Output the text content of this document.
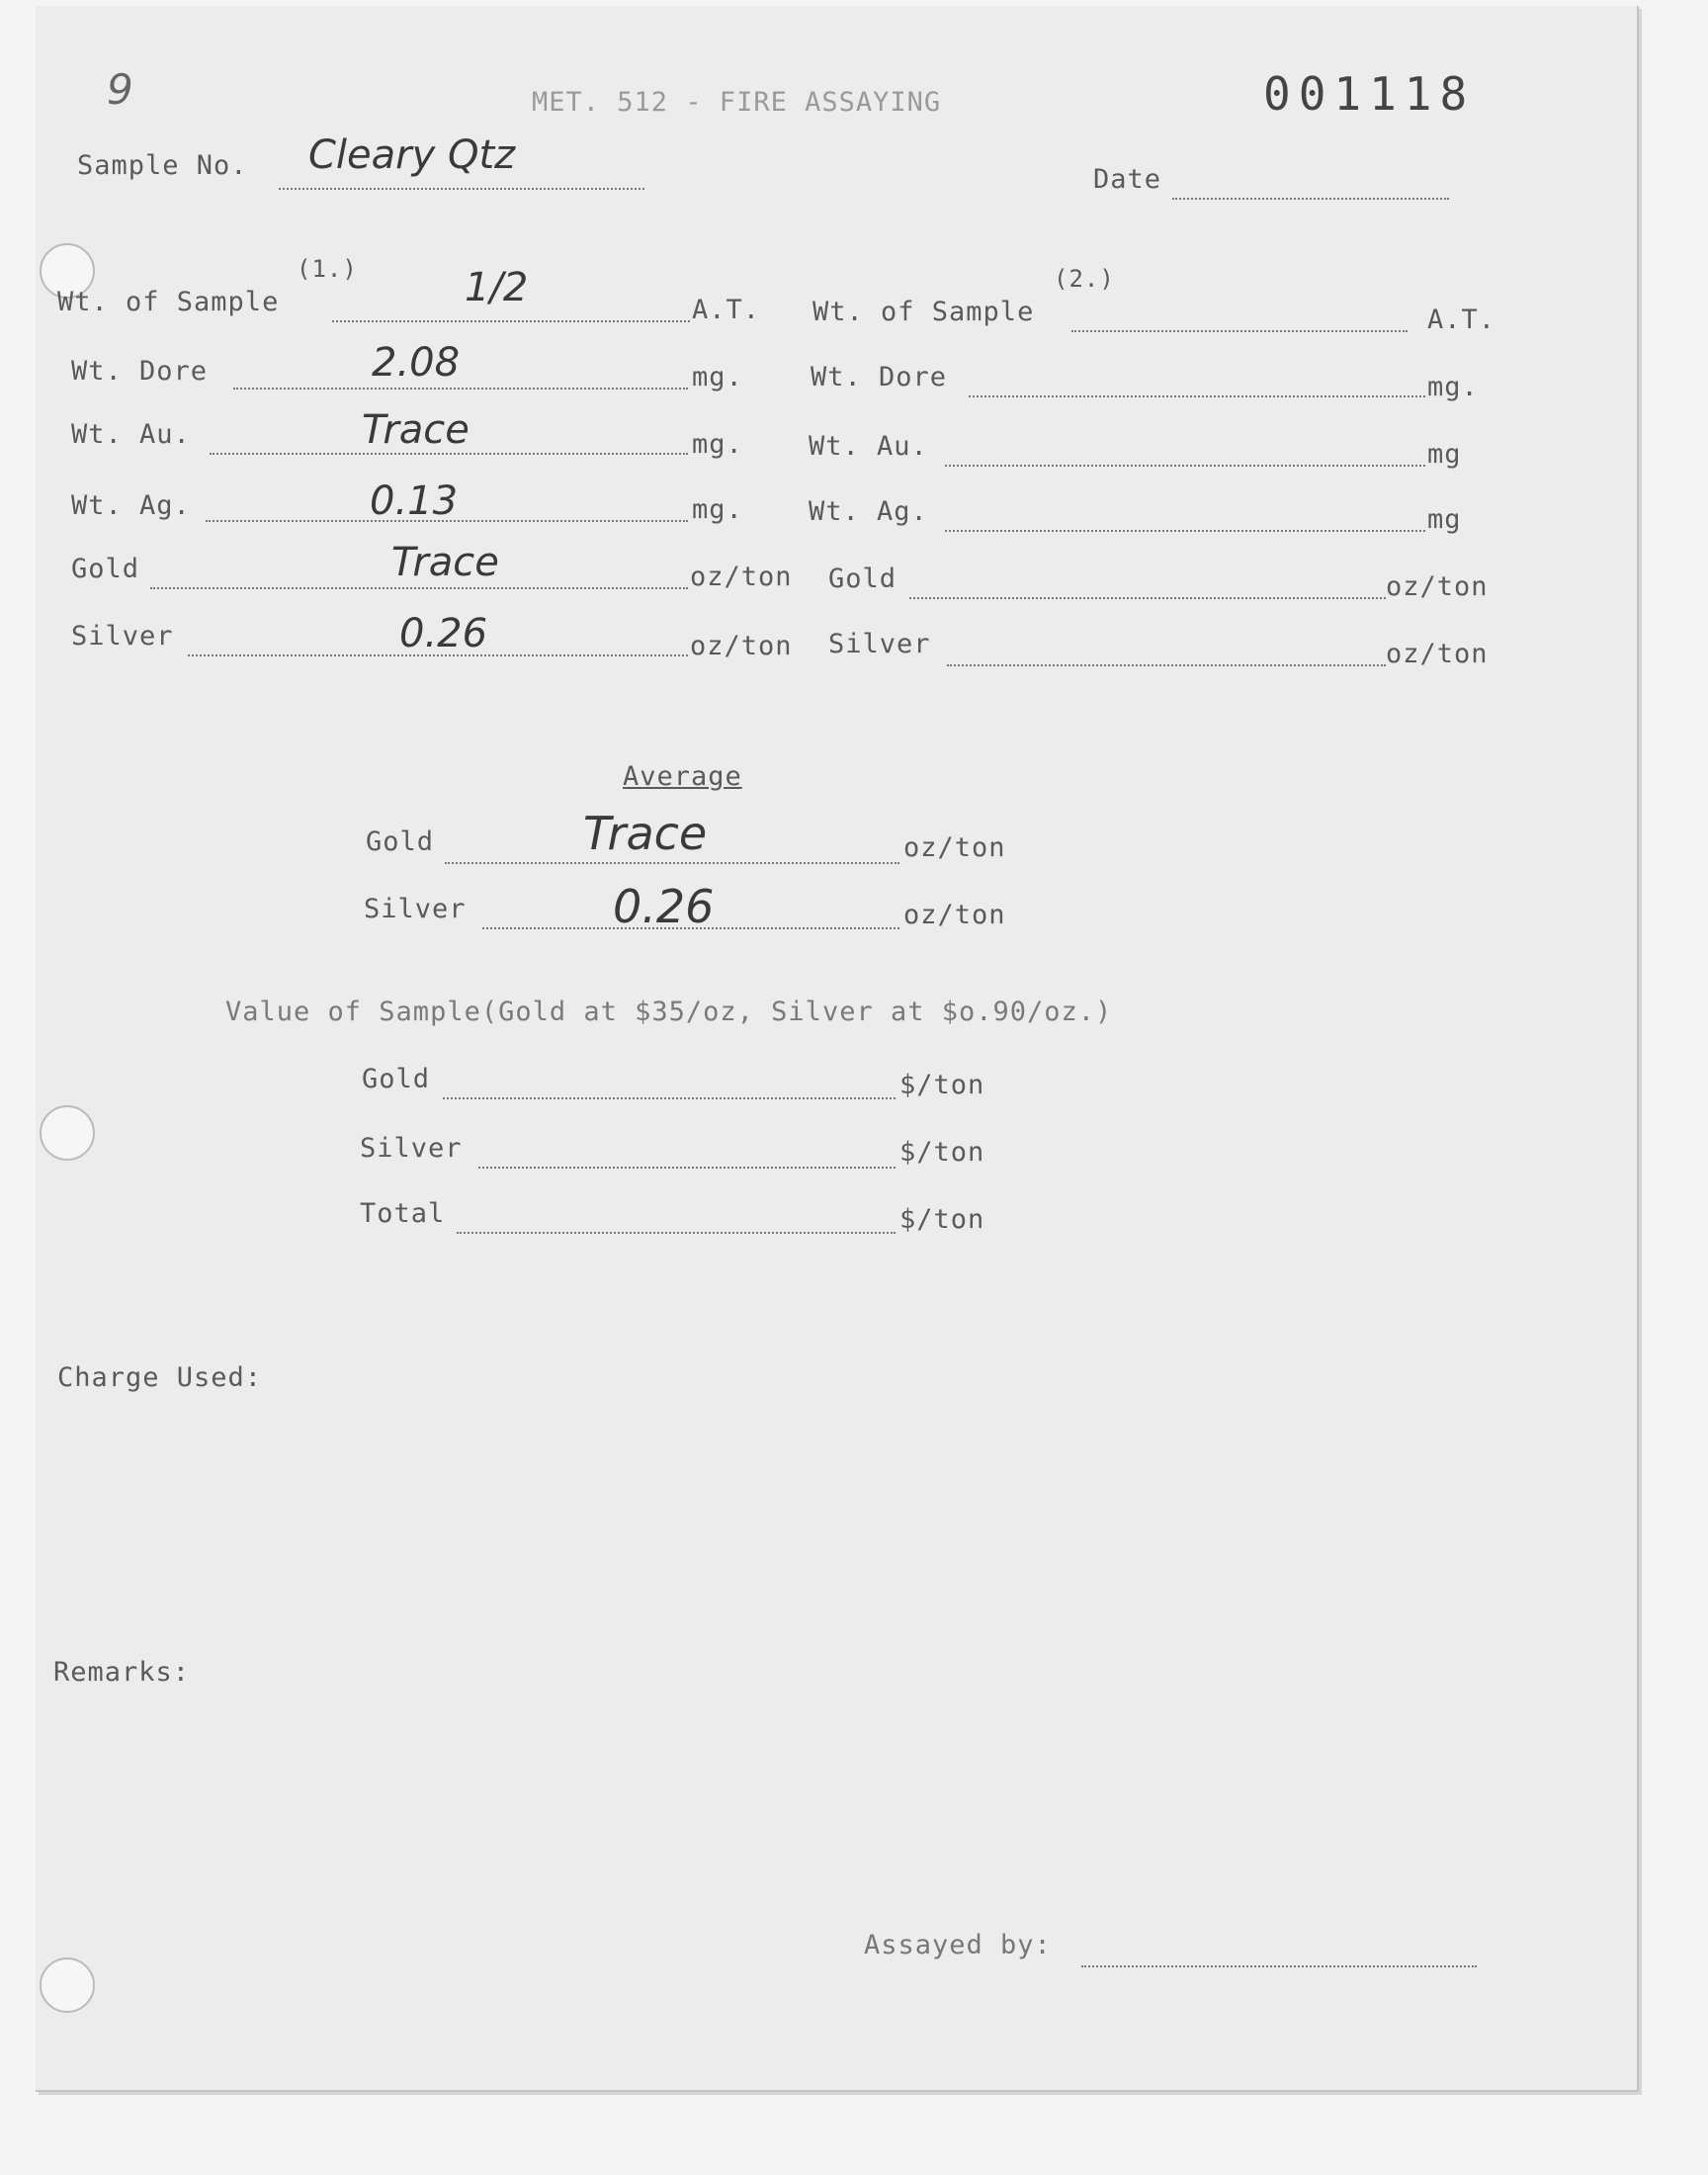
9	MET. 512 - FIRE ASSAYING	001118
Sample No. Cleary Qtz
Date
(1.)	(2.)
Wt. of Sample	1/2	A.T.
Wt. Dore	2.08	mg.
Wt. Au.	Trace	mg.
Wt. Ag.	0.13	mg.
Gold	Trace	oz/ton
Silver	0.26	oz/ton
Wt. of Sample	A.T.
Wt. Dore	mg.
Wt. Au.	mg
Wt. Ag.	mg
Gold	oz/ton
Silver	oz/ton
Average
Gold	Trace	oz/ton
Silver	0.26	oz/ton
Value of Sample(Gold at $35/oz, Silver at $o.90/oz.)
Gold	$/ton
Silver	$/ton
Total	$/ton
Charge Used:
Remarks:
Assayed by:
